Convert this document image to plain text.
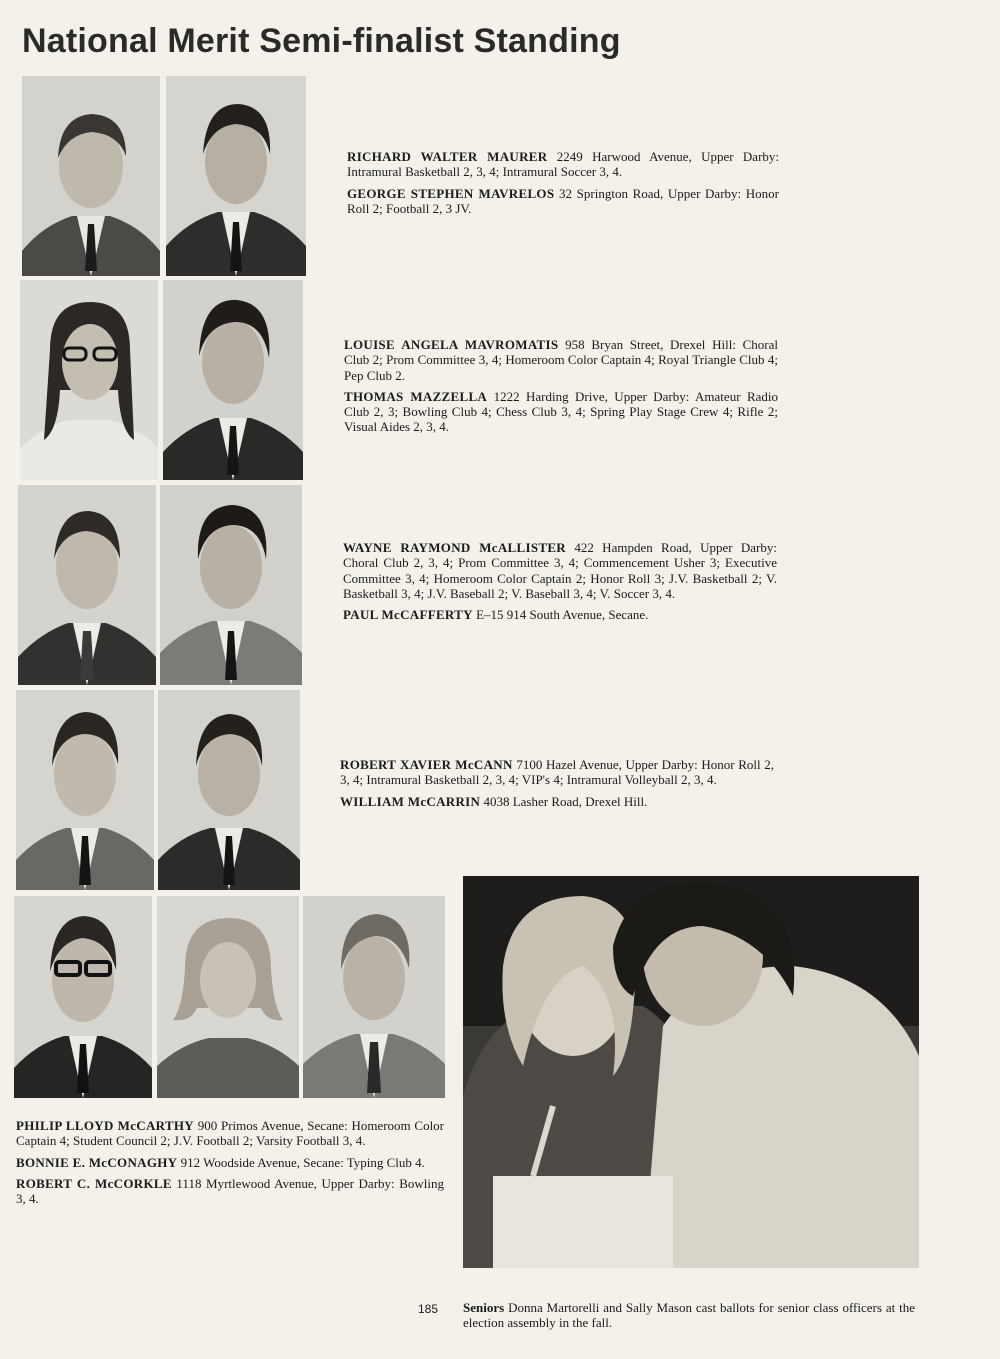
National Merit Semi-finalist Standing

RICHARD WALTER MAURER 2249 Harwood Avenue, Upper Darby: Intramural Basketball 2, 3, 4; Intramural Soccer 3, 4.

GEORGE STEPHEN MAVRELOS 32 Springton Road, Upper Darby: Honor Roll 2; Football 2, 3 JV.

LOUISE ANGELA MAVROMATIS 958 Bryan Street, Drexel Hill: Choral Club 2; Prom Committee 3, 4; Homeroom Color Captain 4; Royal Triangle Club 4; Pep Club 2.

THOMAS MAZZELLA 1222 Harding Drive, Upper Darby: Amateur Radio Club 2, 3; Bowling Club 4; Chess Club 3, 4; Spring Play Stage Crew 4; Rifle 2; Visual Aides 2, 3, 4.

WAYNE RAYMOND McALLISTER 422 Hampden Road, Upper Darby: Choral Club 2, 3, 4; Prom Committee 3, 4; Commencement Usher 3; Executive Committee 3, 4; Homeroom Color Captain 2; Honor Roll 3; J.V. Basketball 2; V. Basketball 3, 4; J.V. Baseball 2; V. Baseball 3, 4; V. Soccer 3, 4.

PAUL McCAFFERTY E–15 914 South Avenue, Secane.

ROBERT XAVIER McCANN 7100 Hazel Avenue, Upper Darby: Honor Roll 2, 3, 4; Intramural Basketball 2, 3, 4; VIP's 4; Intramural Volleyball 2, 3, 4.

WILLIAM McCARRIN 4038 Lasher Road, Drexel Hill.

PHILIP LLOYD McCARTHY 900 Primos Avenue, Secane: Homeroom Color Captain 4; Student Council 2; J.V. Football 2; Varsity Football 3, 4.

BONNIE E. McCONAGHY 912 Woodside Avenue, Secane: Typing Club 4.

ROBERT C. McCORKLE 1118 Myrtlewood Avenue, Upper Darby: Bowling 3, 4.

Seniors Donna Martorelli and Sally Mason cast ballots for senior class officers at the election assembly in the fall.

185
